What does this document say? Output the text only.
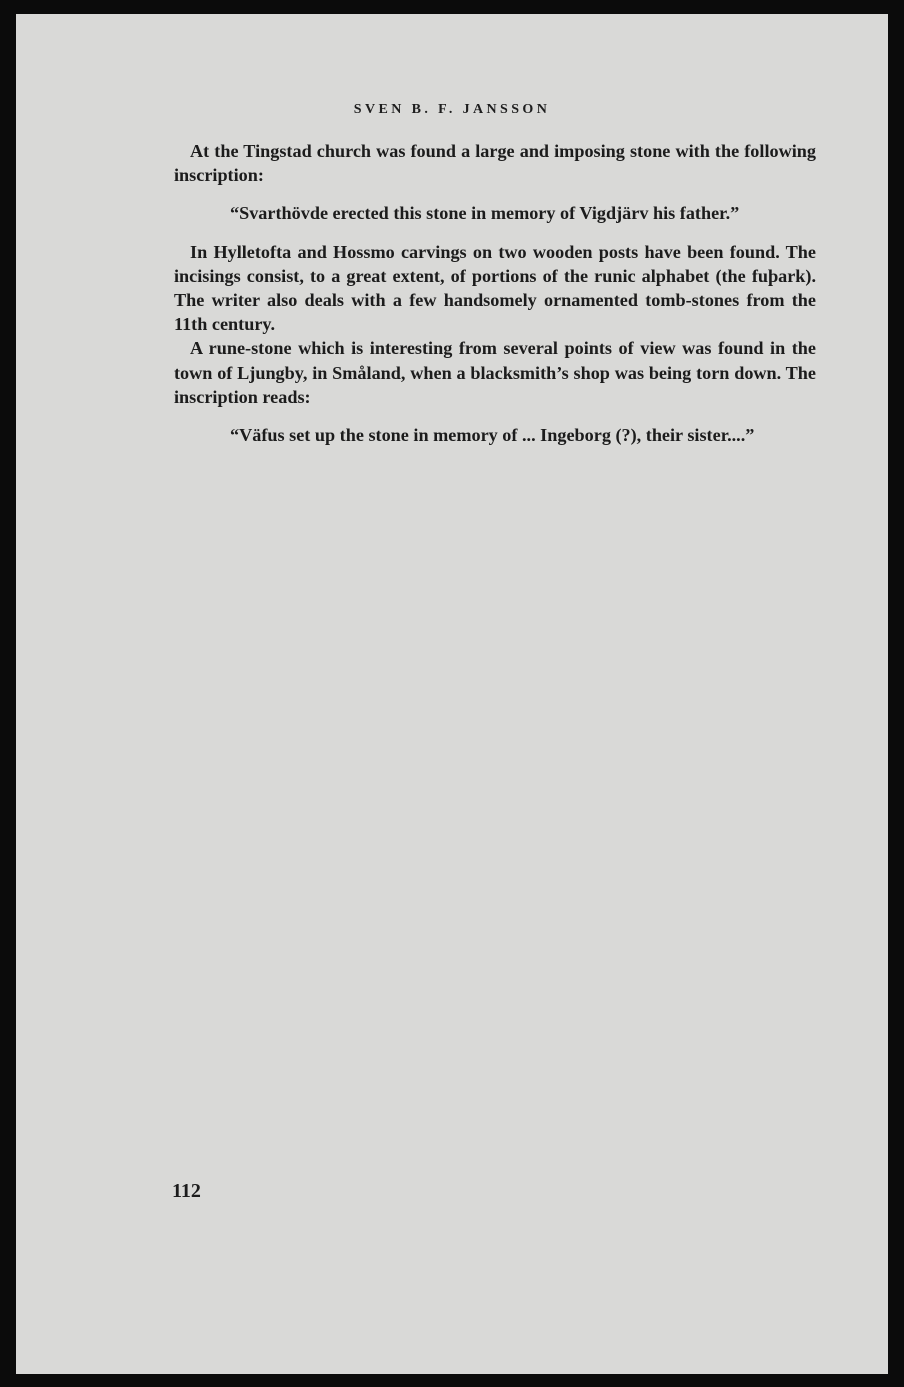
SVEN B. F. JANSSON

At the Tingstad church was found a large and imposing stone with the following inscription:

“Svarthövde erected this stone in memory of Vigdjärv his father.”

In Hylletofta and Hossmo carvings on two wooden posts have been found. The incisings consist, to a great extent, of portions of the runic alphabet (the fuþark). The writer also deals with a few handsomely ornamented tomb-stones from the 11th century.

A rune-stone which is interesting from several points of view was found in the town of Ljungby, in Småland, when a blacksmith’s shop was being torn down. The inscription reads:

“Väfus set up the stone in memory of ... Ingeborg (?), their sister....”

112
